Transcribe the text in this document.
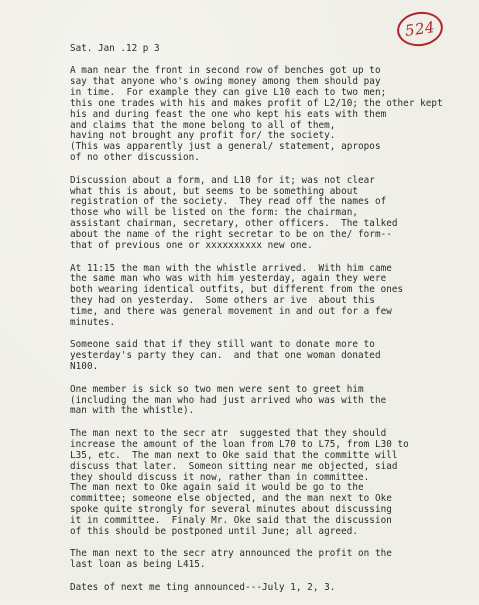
524
Sat. Jan .12 p 3
A man near the front in second row of benches got up to
say that anyone who's owing money among them should pay
in time.  For example they can give L10 each to two men;
this one trades with his and makes profit of L2/10; the other kept
his and during feast the one who kept his eats with them
and claims that the mone belong to all of them,
having not brought any profit for/ the society.
(This was apparently just a general/ statement, apropos
of no other discussion.
Discussion about a form, and L10 for it; was not clear
what this is about, but seems to be something about
registration of the society.  They read off the names of
those who will be listed on the form: the chairman,
assistant chairman, secretary, other officers.  The talked
about the name of the right secretar to be on the/ form--
that of previous one or xxxxxxxxxx new one.
At 11:15 the man with the whistle arrived.  With him came
the same man who was with him yesterday, again they were
both wearing identical outfits, but different from the ones
they had on yesterday.  Some others ar ive  about this
time, and there was general movement in and out for a few
minutes.
Someone said that if they still want to donate more to
yesterday's party they can.  and that one woman donated
N100.
One member is sick so two men were sent to greet him
(including the man who had just arrived who was with the
man with the whistle).
The man next to the secr atr  suggested that they should
increase the amount of the loan from L70 to L75, from L30 to
L35, etc.  The man next to Oke said that the committe will
discuss that later.  Someon sitting near me objected, siad
they should discuss it now, rather than in committee.
The man next to Oke again said it would be go to the
committee; someone else objected, and the man next to Oke
spoke quite strongly for several minutes about discussing
it in committee.  Finaly Mr. Oke said that the discussion
of this should be postponed until June; all agreed.
The man next to the secr atry announced the profit on the
last loan as being L415.
Dates of next me ting announced---July 1, 2, 3.
